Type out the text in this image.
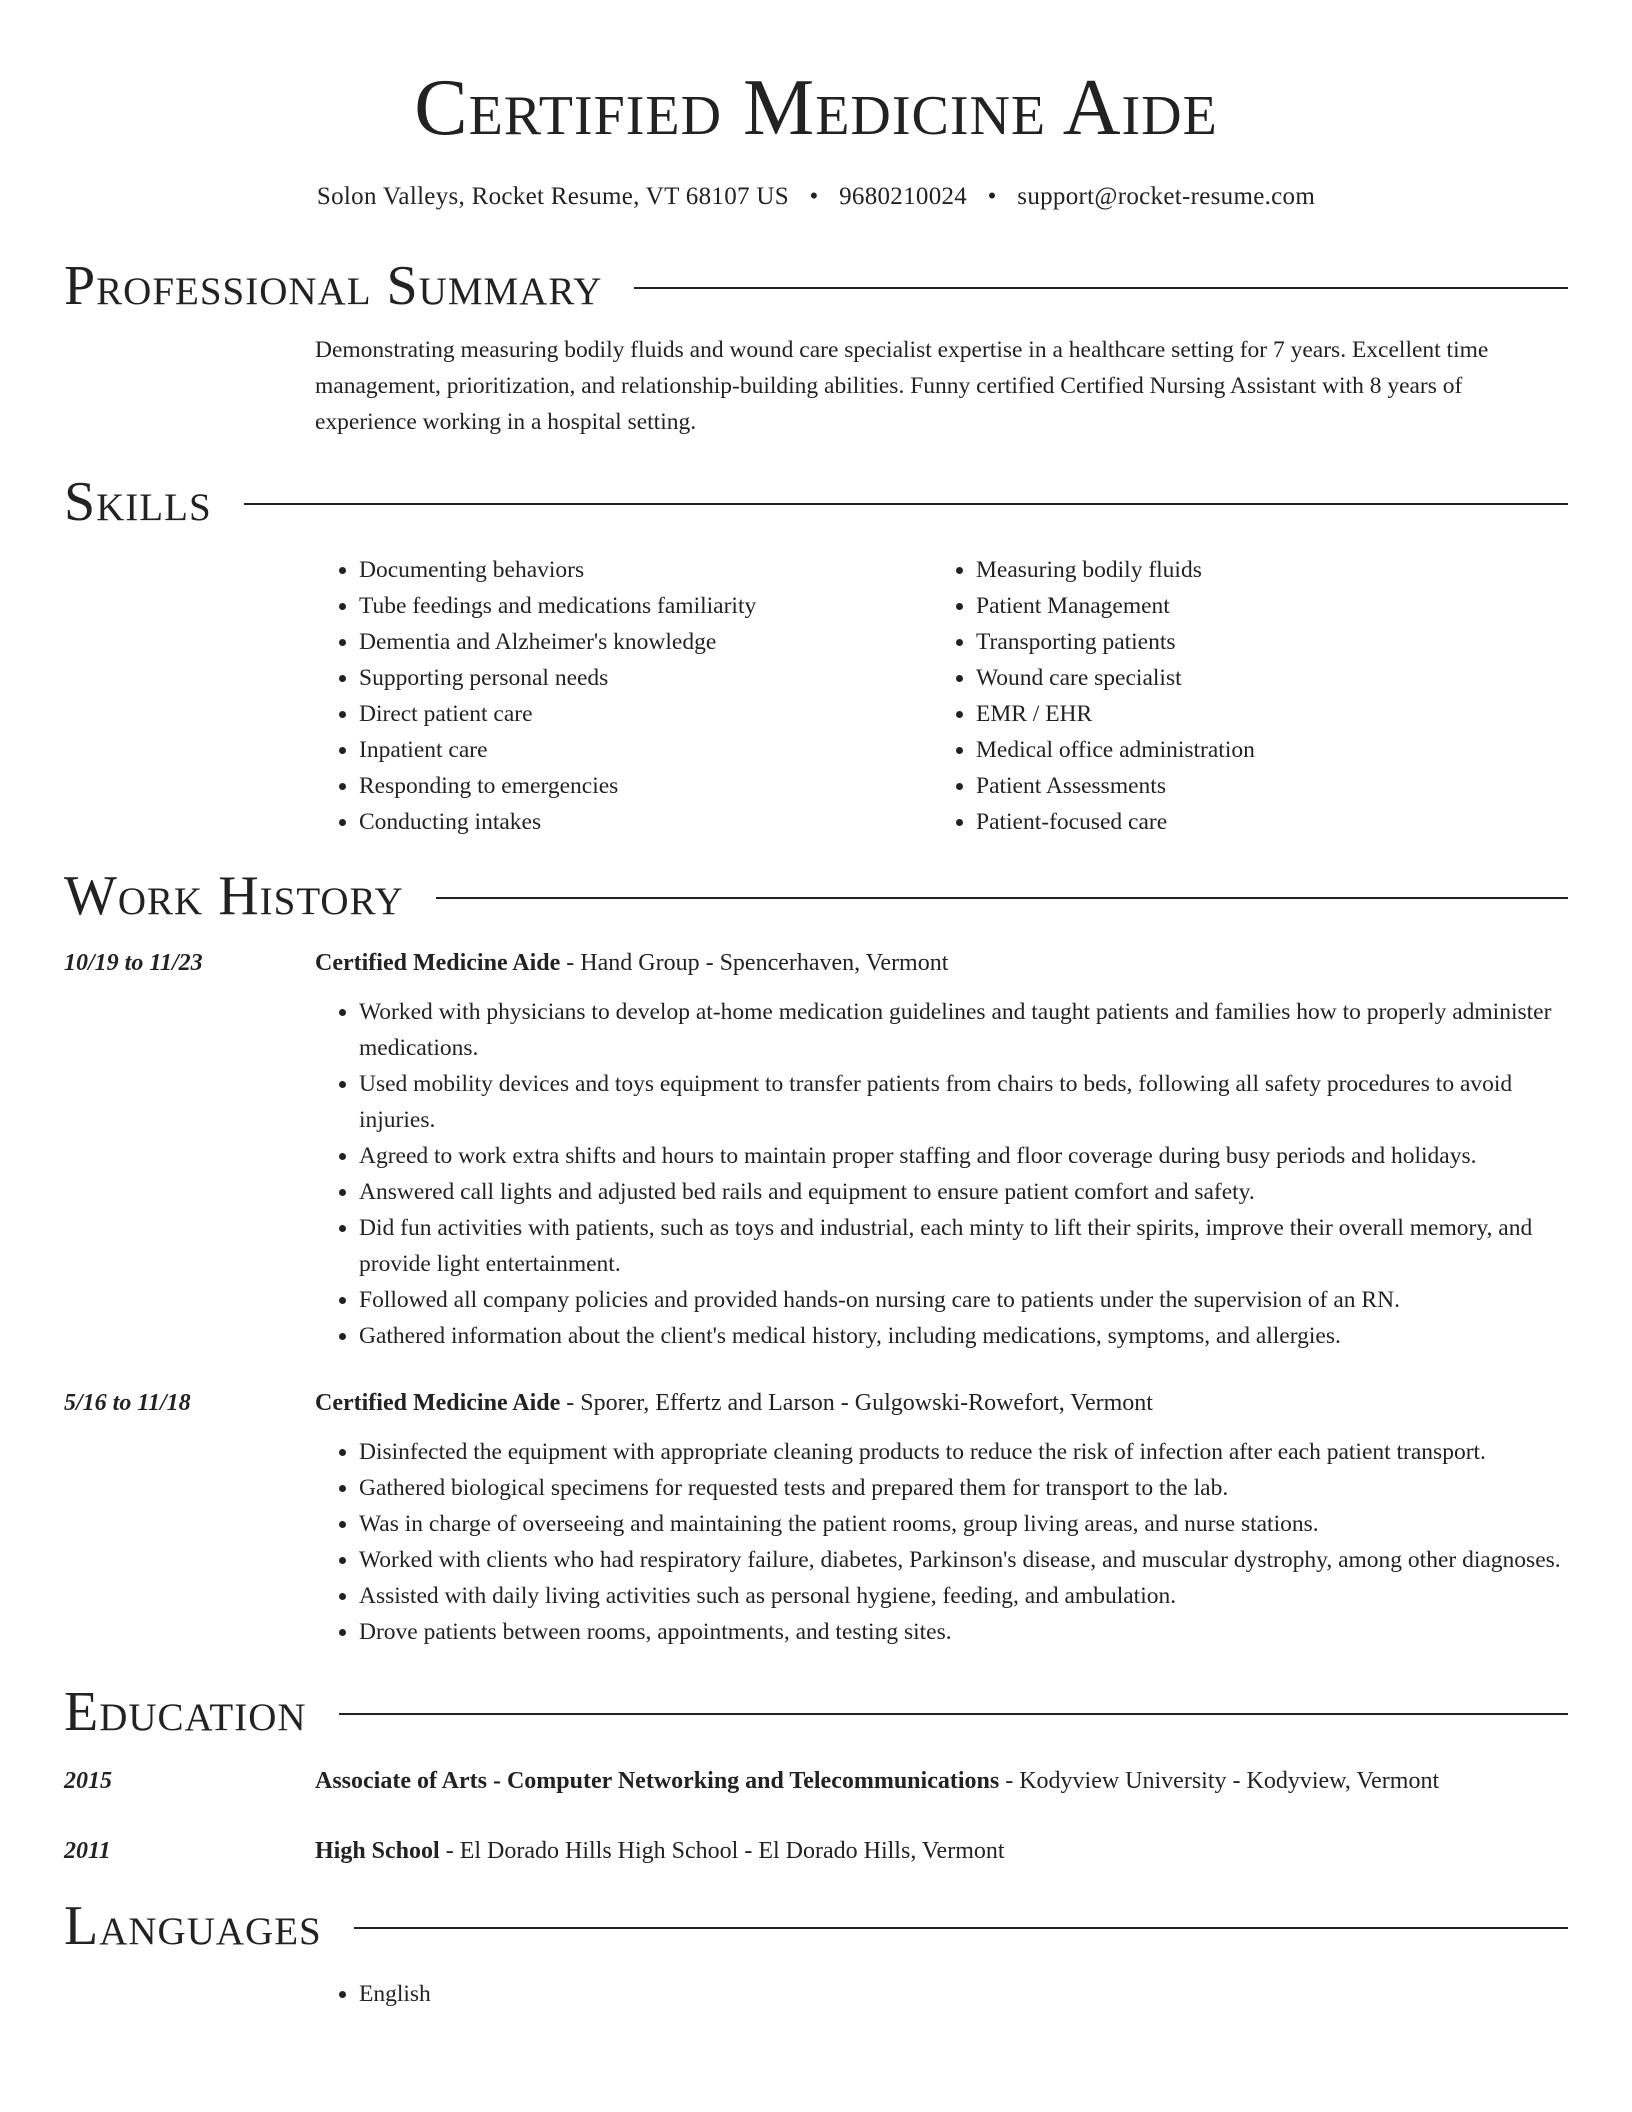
Certified Medicine Aide
Solon Valleys, Rocket Resume, VT 68107 US • 9680210024 • support@rocket-resume.com
Professional Summary
Demonstrating measuring bodily fluids and wound care specialist expertise in a healthcare setting for 7 years. Excellent time management, prioritization, and relationship-building abilities. Funny certified Certified Nursing Assistant with 8 years of experience working in a hospital setting.
Skills
• Documenting behaviors
• Tube feedings and medications familiarity
• Dementia and Alzheimer's knowledge
• Supporting personal needs
• Direct patient care
• Inpatient care
• Responding to emergencies
• Conducting intakes
• Measuring bodily fluids
• Patient Management
• Transporting patients
• Wound care specialist
• EMR / EHR
• Medical office administration
• Patient Assessments
• Patient-focused care
Work History
10/19 to 11/23	Certified Medicine Aide - Hand Group - Spencerhaven, Vermont
• Worked with physicians to develop at-home medication guidelines and taught patients and families how to properly administer medications.
• Used mobility devices and toys equipment to transfer patients from chairs to beds, following all safety procedures to avoid injuries.
• Agreed to work extra shifts and hours to maintain proper staffing and floor coverage during busy periods and holidays.
• Answered call lights and adjusted bed rails and equipment to ensure patient comfort and safety.
• Did fun activities with patients, such as toys and industrial, each minty to lift their spirits, improve their overall memory, and provide light entertainment.
• Followed all company policies and provided hands-on nursing care to patients under the supervision of an RN.
• Gathered information about the client's medical history, including medications, symptoms, and allergies.
5/16 to 11/18	Certified Medicine Aide - Sporer, Effertz and Larson - Gulgowski-Rowefort, Vermont
• Disinfected the equipment with appropriate cleaning products to reduce the risk of infection after each patient transport.
• Gathered biological specimens for requested tests and prepared them for transport to the lab.
• Was in charge of overseeing and maintaining the patient rooms, group living areas, and nurse stations.
• Worked with clients who had respiratory failure, diabetes, Parkinson's disease, and muscular dystrophy, among other diagnoses.
• Assisted with daily living activities such as personal hygiene, feeding, and ambulation.
• Drove patients between rooms, appointments, and testing sites.
Education
2015	Associate of Arts - Computer Networking and Telecommunications - Kodyview University - Kodyview, Vermont
2011	High School - El Dorado Hills High School - El Dorado Hills, Vermont
Languages
• English
